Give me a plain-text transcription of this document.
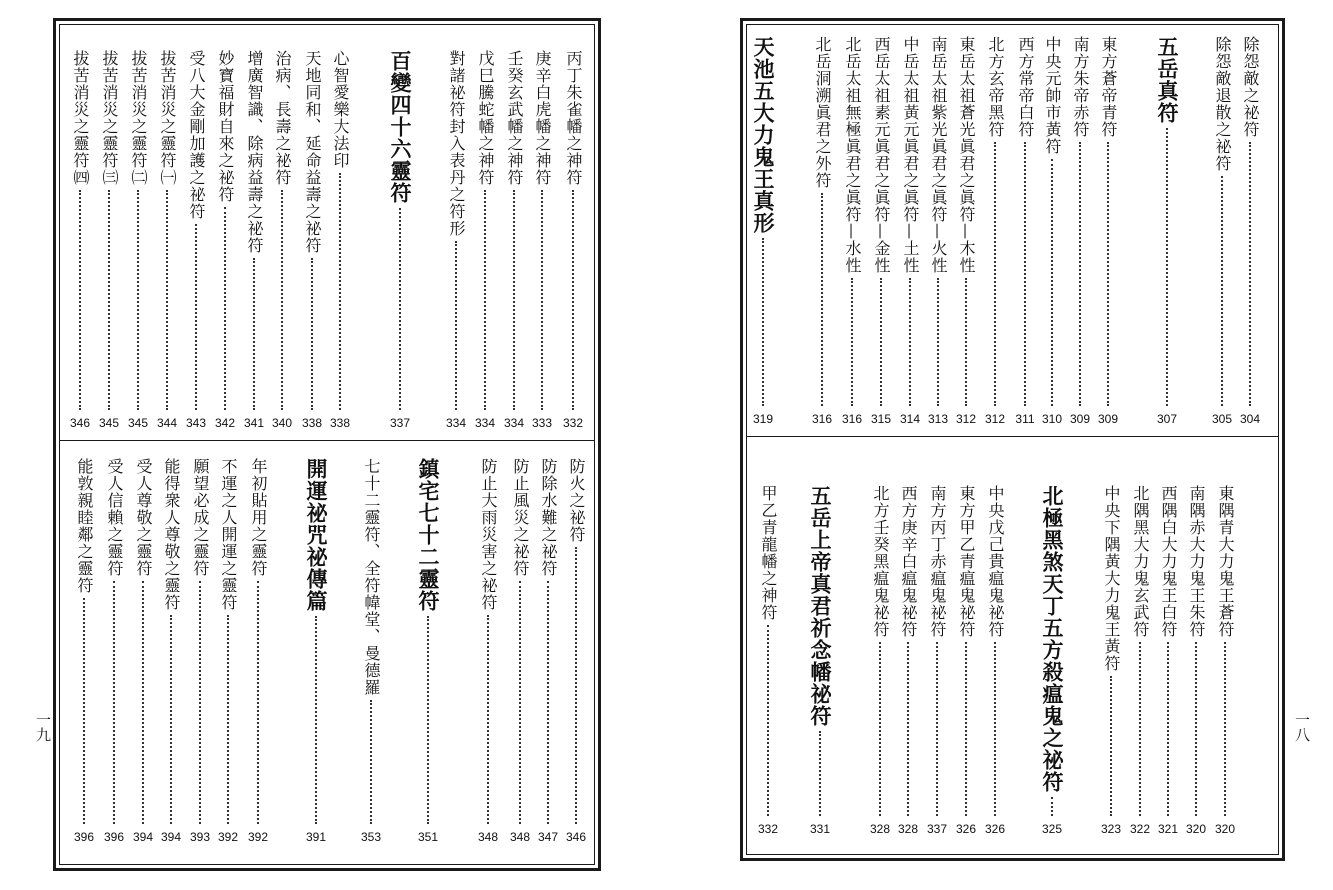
丙丁朱雀幡之神符
332
庚辛白虎幡之神符
333
壬癸玄武幡之神符
334
戊巳騰蛇幡之神符
334
對諸祕符封入表丹之符形
334
百變四十六靈符
337
心智愛樂大法印
338
天地同和、延命益壽之祕符
338
治病、長壽之祕符
340
增廣智識、除病益壽之祕符
341
妙寶福財自來之祕符
342
受八大金剛加護之祕符
343
拔苦消災之靈符㈠
344
拔苦消災之靈符㈡
345
拔苦消災之靈符㈢
345
拔苦消災之靈符㈣
346
防火之祕符
346
防除水難之祕符
347
防止風災之祕符
348
防止大雨災害之祕符
348
鎮宅七十二靈符
351
七十二靈符、全符幃堂、曼德羅
353
開運祕咒祕傳篇
391
年初貼用之靈符
392
不運之人開運之靈符
392
願望必成之靈符
393
能得衆人尊敬之靈符
394
受人尊敬之靈符
394
受人信賴之靈符
396
能敦親睦鄰之靈符
396
除怨敵之祕符
304
除怨敵退散之祕符
305
五岳真符
307
東方蒼帝青符
309
南方朱帝赤符
309
中央元帥市黃符
310
西方常帝白符
311
北方玄帝黑符
312
東岳太祖蒼光眞君之眞符—木性
312
南岳太祖紫光眞君之眞符—火性
313
中岳太祖黃元眞君之眞符—土性
314
西岳太祖素元眞君之眞符—金性
315
北岳太祖無極眞君之眞符—水性
316
北岳洞溯眞君之外符
316
天池五大力鬼王真形
319
東隅青大力鬼王蒼符
320
南隅赤大力鬼王朱符
320
西隅白大力鬼王白符
321
北隅黑大力鬼玄武符
322
中央下隅黃大力鬼王黃符
323
北極黑煞天丁五方殺瘟鬼之祕符
325
中央戊己貴瘟鬼祕符
326
東方甲乙青瘟鬼祕符
326
南方丙丁赤瘟鬼祕符
337
西方庚辛白瘟鬼祕符
328
北方壬癸黑瘟鬼祕符
328
五岳上帝真君祈念幡祕符
331
甲乙青龍幡之神符
332
一九	一八
